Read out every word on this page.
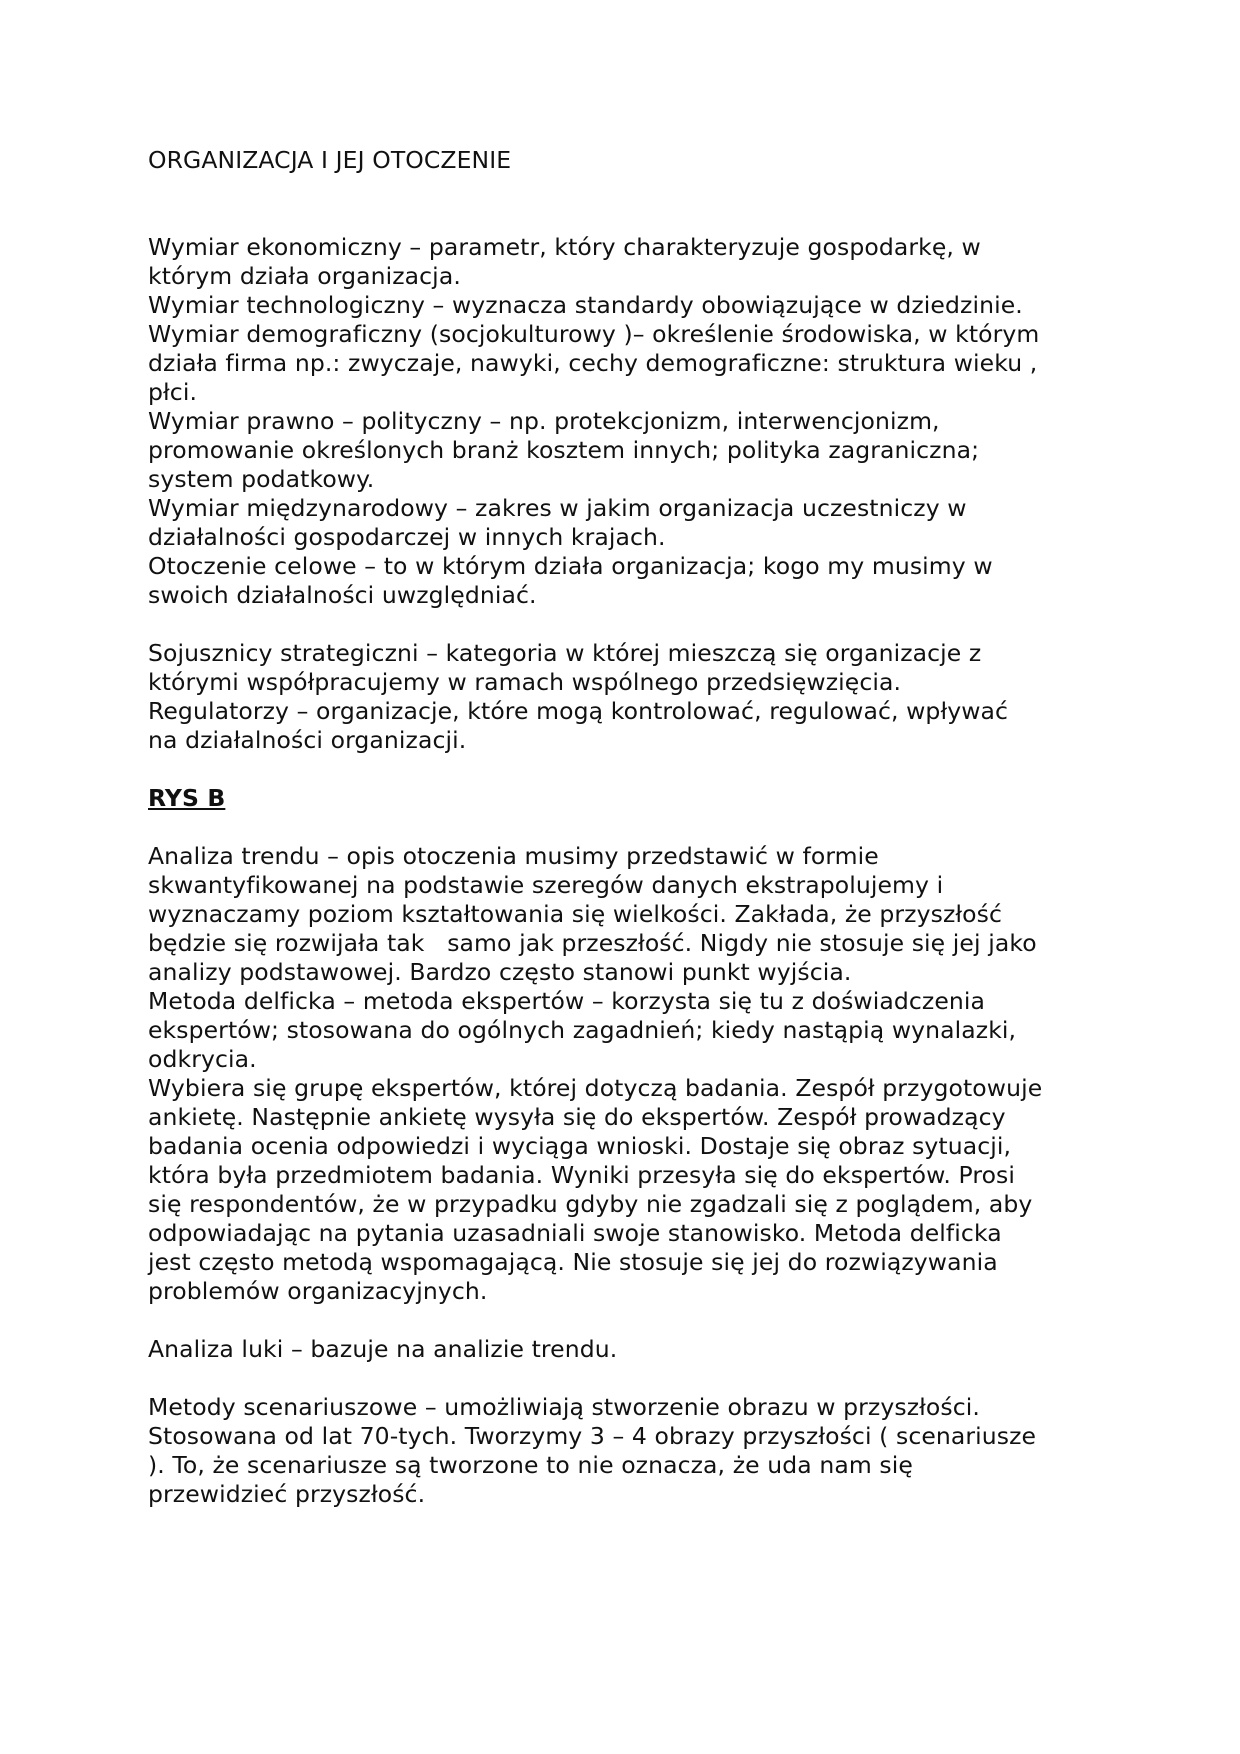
ORGANIZACJA I JEJ OTOCZENIE
Wymiar ekonomiczny – parametr, który charakteryzuje gospodarkę, w
którym działa organizacja.
Wymiar technologiczny – wyznacza standardy obowiązujące w dziedzinie.
Wymiar demograficzny (socjokulturowy )– określenie środowiska, w którym
działa firma np.: zwyczaje, nawyki, cechy demograficzne: struktura wieku ,
płci.
Wymiar prawno – polityczny – np. protekcjonizm, interwencjonizm,
promowanie określonych branż kosztem innych; polityka zagraniczna;
system podatkowy.
Wymiar międzynarodowy – zakres w jakim organizacja uczestniczy w
działalności gospodarczej w innych krajach.
Otoczenie celowe – to w którym działa organizacja; kogo my musimy w
swoich działalności uwzględniać.
Sojusznicy strategiczni – kategoria w której mieszczą się organizacje z
którymi współpracujemy w ramach wspólnego przedsięwzięcia.
Regulatorzy – organizacje, które mogą kontrolować, regulować, wpływać
na działalności organizacji.
RYS B
Analiza trendu – opis otoczenia musimy przedstawić w formie
skwantyfikowanej na podstawie szeregów danych ekstrapolujemy i
wyznaczamy poziom kształtowania się wielkości. Zakłada, że przyszłość
będzie się rozwijała tak   samo jak przeszłość. Nigdy nie stosuje się jej jako
analizy podstawowej. Bardzo często stanowi punkt wyjścia.
Metoda delficka – metoda ekspertów – korzysta się tu z doświadczenia
ekspertów; stosowana do ogólnych zagadnień; kiedy nastąpią wynalazki,
odkrycia.
Wybiera się grupę ekspertów, której dotyczą badania. Zespół przygotowuje
ankietę. Następnie ankietę wysyła się do ekspertów. Zespół prowadzący
badania ocenia odpowiedzi i wyciąga wnioski. Dostaje się obraz sytuacji,
która była przedmiotem badania. Wyniki przesyła się do ekspertów. Prosi
się respondentów, że w przypadku gdyby nie zgadzali się z poglądem, aby
odpowiadając na pytania uzasadniali swoje stanowisko. Metoda delficka
jest często metodą wspomagającą. Nie stosuje się jej do rozwiązywania
problemów organizacyjnych.
Analiza luki – bazuje na analizie trendu.
Metody scenariuszowe – umożliwiają stworzenie obrazu w przyszłości.
Stosowana od lat 70-tych. Tworzymy 3 – 4 obrazy przyszłości ( scenariusze
). To, że scenariusze są tworzone to nie oznacza, że uda nam się
przewidzieć przyszłość.
